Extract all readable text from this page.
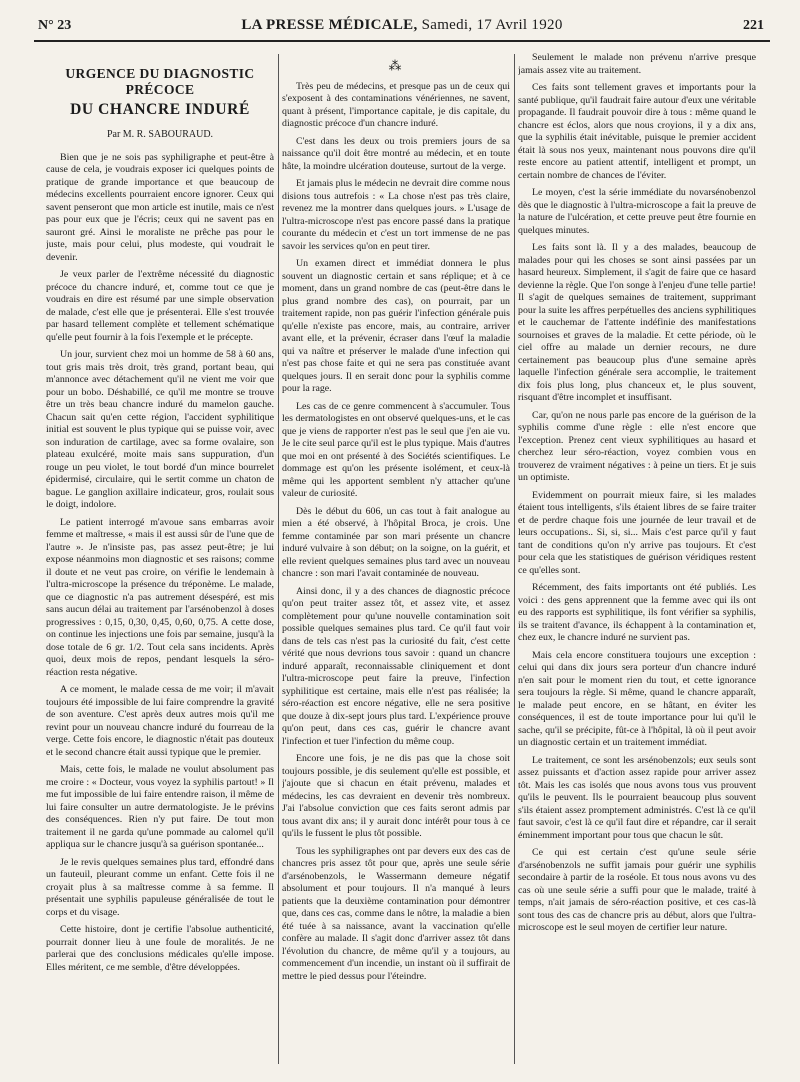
N° 23	LA PRESSE MÉDICALE, Samedi, 17 Avril 1920	221
URGENCE DU DIAGNOSTIC PRÉCOCE
DU CHANCRE INDURÉ
Par M. R. SABOURAUD.

Bien que je ne sois pas syphiligraphe et peut-être à cause de cela, je voudrais exposer ici quelques points de pratique de grande importance et que beaucoup de médecins excellents pourraient encore ignorer. Ceux qui savent penseront que mon article est inutile, mais ce n'est pas pour eux que je l'écris; ceux qui ne savent pas en sauront gré. Ainsi le moraliste ne prêche pas pour le juste, mais pour celui, plus modeste, qui voudrait le devenir.

Je veux parler de l'extrême nécessité du diagnostic précoce du chancre induré, et, comme tout ce que je voudrais en dire est résumé par une simple observation de malade, c'est elle que je présenterai. Elle s'est trouvée par hasard tellement complète et tellement schématique qu'elle peut fournir à la fois l'exemple et le précepte.

Un jour, survient chez moi un homme de 58 à 60 ans, tout gris mais très droit, très grand, portant beau, qui m'annonce avec détachement qu'il ne vient me voir que pour un bobo. Déshabillé, ce qu'il me montre se trouve être un très beau chancre induré du mamelon gauche. Chacun sait qu'en cette région, l'accident syphilitique initial est souvent le plus typique qui se puisse voir, avec son induration de cartilage, avec sa forme ovalaire, son plateau exulcéré, moite mais sans suppuration, d'un rouge un peu violet, le tout bordé d'un mince bourrelet épidermisé, circulaire, qui le sertit comme un chaton de bague. Le ganglion axillaire indicateur, gros, roulait sous le doigt, indolore.

Le patient interrogé m'avoue sans embarras avoir femme et maîtresse, « mais il est aussi sûr de l'une que de l'autre ». Je n'insiste pas, pas assez peut-être; je lui expose néanmoins mon diagnostic et ses raisons; comme il doute et ne veut pas croire, on vérifie le lendemain à l'ultra-microscope la présence du tréponème. Le malade, que ce diagnostic n'a pas autrement désespéré, est mis sans aucun délai au traitement par l'arsénobenzol à doses progressives : 0,15, 0,30, 0,45, 0,60, 0,75. A cette dose, on continue les injections une fois par semaine, jusqu'à la dose totale de 6 gr. 1/2. Tout cela sans incidents. Après quoi, deux mois de repos, pendant lesquels la séro-réaction resta négative.

A ce moment, le malade cessa de me voir; il m'avait toujours été impossible de lui faire comprendre la gravité de son aventure. C'est après deux autres mois qu'il me revint pour un nouveau chancre induré du fourreau de la verge. Cette fois encore, le diagnostic n'était pas douteux et le second chancre était aussi typique que le premier.

Mais, cette fois, le malade ne voulut absolument pas me croire : « Docteur, vous voyez la syphilis partout! » Il me fut impossible de lui faire entendre raison, il même de lui faire consulter un autre dermatologiste. Je le prévins des conséquences. Rien n'y put faire. De tout mon traitement il ne garda qu'une pommade au calomel qu'il appliqua sur le chancre jusqu'à sa guérison spontanée...

Je le revis quelques semaines plus tard, effondré dans un fauteuil, pleurant comme un enfant. Cette fois il ne croyait plus à sa maîtresse comme à sa femme. Il présentait une syphilis papuleuse généralisée de tout le corps et du visage.

Cette histoire, dont je certifie l'absolue authenticité, pourrait donner lieu à une foule de moralités. Je ne parlerai que des conclusions médicales qu'elle impose. Elles méritent, ce me semble, d'être développées.

⁂

Très peu de médecins, et presque pas un de ceux qui s'exposent à des contaminations vénériennes, ne savent, quant à présent, l'importance capitale, je dis capitale, du diagnostic précoce d'un chancre induré.

C'est dans les deux ou trois premiers jours de sa naissance qu'il doit être montré au médecin, et en toute hâte, la moindre ulcération douteuse, surtout de la verge.

Et jamais plus le médecin ne devrait dire comme nous disions tous autrefois : « La chose n'est pas très claire, revenez me la montrer dans quelques jours. » L'usage de l'ultra-microscope n'est pas encore passé dans la pratique courante du médecin et c'est un tort immense de ne pas savoir les services qu'on en peut tirer.

Un examen direct et immédiat donnera le plus souvent un diagnostic certain et sans réplique; et à ce moment, dans un grand nombre de cas (peut-être dans le plus grand nombre des cas), on pourrait, par un traitement rapide, non pas guérir l'infection générale puis qu'elle n'existe pas encore, mais, au contraire, arriver avant elle, et la prévenir, écraser dans l'œuf la maladie qui va naître et préserver le malade d'une infection qui n'est pas chose faite et qui ne sera pas constituée avant quelques jours. Il en serait donc pour la syphilis comme pour la rage.

Les cas de ce genre commencent à s'accumuler. Tous les dermatologistes en ont observé quelques-uns, et le cas que je viens de rapporter n'est pas le seul que j'en aie vu. Je le cite seul parce qu'il est le plus typique. Mais d'autres que moi en ont présenté à des Sociétés scientifiques. Le dommage est qu'on les présente isolément, et ceux-là même qui les apportent semblent n'y attacher qu'une valeur de curiosité.

Dès le début du 606, un cas tout à fait analogue au mien a été observé, à l'hôpital Broca, je crois. Une femme contaminée par son mari présente un chancre induré vulvaire à son début; on la soigne, on la guérit, et elle revient quelques semaines plus tard avec un nouveau chancre : son mari l'avait contaminée de nouveau.

Ainsi donc, il y a des chances de diagnostic précoce qu'on peut traiter assez tôt, et assez vite, et assez complètement pour qu'une nouvelle contamination soit possible quelques semaines plus tard. Ce qu'il faut voir dans de tels cas n'est pas la curiosité du fait, c'est cette vérité que nous devrions tous savoir : quand un chancre induré apparaît, reconnaissable cliniquement et dont l'ultra-microscope peut faire la preuve, l'infection syphilitique est certaine, mais elle n'est pas réalisée; la séro-réaction est encore négative, elle ne sera positive que douze à dix-sept jours plus tard. L'expérience prouve qu'on peut, dans ces cas, guérir le chancre avant l'infection et tuer l'infection du même coup.

Encore une fois, je ne dis pas que la chose soit toujours possible, je dis seulement qu'elle est possible, et j'ajoute que si chacun en était prévenu, malades et médecins, les cas devraient en devenir très nombreux. J'ai l'absolue conviction que ces faits seront admis par tous avant dix ans; il y aurait donc intérêt pour tous à ce qu'ils le fussent le plus tôt possible.

Tous les syphiligraphes ont par devers eux des cas de chancres pris assez tôt pour que, après une seule série d'arsénobenzols, le Wassermann demeure négatif absolument et pour toujours. Il n'a manqué à leurs patients que la deuxième contamination pour démontrer que, dans ces cas, comme dans le nôtre, la maladie a bien été tuée à sa naissance, avant la vaccination qu'elle confère au malade. Il s'agit donc d'arriver assez tôt dans l'évolution du chancre, de même qu'il y a toujours, au commencement d'un incendie, un instant où il suffirait de mettre le pied dessus pour l'éteindre.

Seulement le malade non prévenu n'arrive presque jamais assez vite au traitement.

Ces faits sont tellement graves et importants pour la santé publique, qu'il faudrait faire autour d'eux une véritable propagande. Il faudrait pouvoir dire à tous : même quand le chancre est éclos, alors que nous croyions, il y a dix ans, que la syphilis était inévitable, puisque le premier accident était là sous nos yeux, maintenant nous pouvons dire qu'il reste encore au patient attentif, intelligent et prompt, un certain nombre de chances de l'éviter.

Le moyen, c'est la série immédiate du novarsénobenzol dès que le diagnostic à l'ultra-microscope a fait la preuve de la nature de l'ulcération, et cette preuve peut être fournie en quelques minutes.

Les faits sont là. Il y a des malades, beaucoup de malades pour qui les choses se sont ainsi passées par un hasard heureux. Simplement, il s'agit de faire que ce hasard devienne la règle. Que l'on songe à l'enjeu d'une telle partie! Il s'agit de quelques semaines de traitement, supprimant pour la suite les affres perpétuelles des anciens syphilitiques et le cauchemar de l'attente indéfinie des manifestations sournoises et graves de la maladie. Et cette période, où le ciel offre au malade un dernier recours, ne dure certainement pas beaucoup plus d'une semaine après laquelle l'infection générale sera accomplie, le traitement dix fois plus long, plus chanceux et, le plus souvent, risquant d'être incomplet et insuffisant.

Car, qu'on ne nous parle pas encore de la guérison de la syphilis comme d'une règle : elle n'est encore que l'exception. Prenez cent vieux syphilitiques au hasard et cherchez leur séro-réaction, voyez combien vous en trouverez de vraiment négatives : à peine un tiers. Et je suis un optimiste.

Evidemment on pourrait mieux faire, si les malades étaient tous intelligents, s'ils étaient libres de se faire traiter et de perdre chaque fois une journée de leur travail et de leurs occupations.. Si, si, si... Mais c'est parce qu'il y faut tant de conditions qu'on n'y arrive pas toujours. Et c'est pour cela que les statistiques de guérison véridiques restent ce qu'elles sont.

Récemment, des faits importants ont été publiés. Les voici : des gens apprennent que la femme avec qui ils ont eu des rapports est syphilitique, ils font vérifier sa syphilis, ils se traitent d'avance, ils échappent à la contamination et, chez eux, le chancre induré ne survient pas.

Mais cela encore constituera toujours une exception : celui qui dans dix jours sera porteur d'un chancre induré n'en sait pour le moment rien du tout, et cette ignorance sera toujours la règle. Si même, quand le chancre apparaît, le malade peut encore, en se hâtant, en éviter les conséquences, il est de toute importance pour lui qu'il le sache, qu'il se précipite, fût-ce à l'hôpital, là où il peut avoir un diagnostic certain et un traitement immédiat.

Le traitement, ce sont les arsénobenzols; eux seuls sont assez puissants et d'action assez rapide pour arriver assez tôt. Mais les cas isolés que nous avons tous vus prouvent qu'ils le peuvent. Ils le pourraient beaucoup plus souvent s'ils étaient assez promptement administrés. C'est là ce qu'il faut savoir, c'est là ce qu'il faut dire et répandre, car il serait éminemment important pour tous que chacun le sût.

Ce qui est certain c'est qu'une seule série d'arsénobenzols ne suffit jamais pour guérir une syphilis secondaire à partir de la roséole. Et tous nous avons vu des cas où une seule série a suffi pour que le malade, traité à temps, n'ait jamais de séro-réaction positive, et ces cas-là sont tous des cas de chancre pris au début, alors que l'ultra-microscope est le seul moyen de certifier leur nature.
